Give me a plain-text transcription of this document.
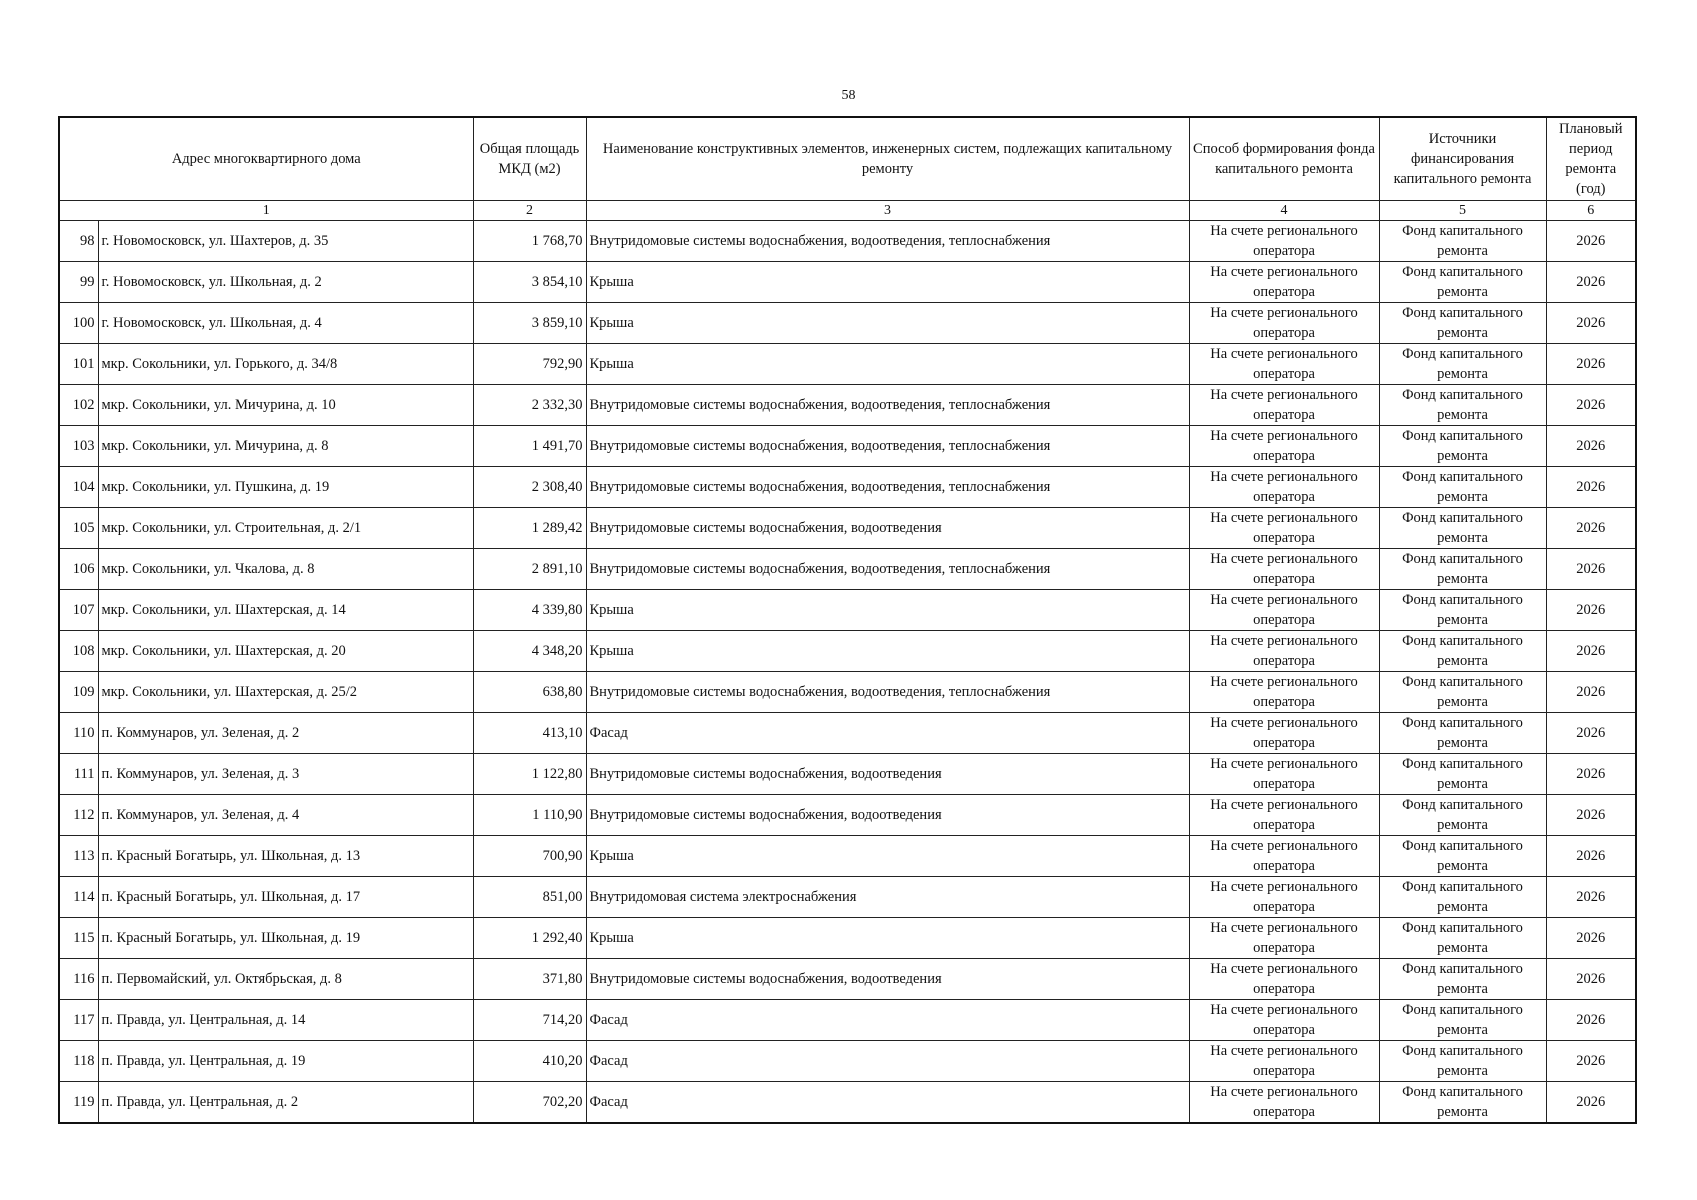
58
Адрес многоквартирного дома		Общая площадь МКД (м2)	Наименование конструктивных элементов, инженерных систем, подлежащих капитальному ремонту	Способ формирования фонда капитального ремонта	Источники финансирования капитального ремонта	Плановый период ремонта (год)
1		2	3	4	5	6
98	г. Новомосковск, ул. Шахтеров, д. 35	1 768,70	Внутридомовые системы водоснабжения, водоотведения, теплоснабжения	На счете регионального оператора	Фонд капитального ремонта	2026
99	г. Новомосковск, ул. Школьная, д. 2	3 854,10	Крыша	На счете регионального оператора	Фонд капитального ремонта	2026
100	г. Новомосковск, ул. Школьная, д. 4	3 859,10	Крыша	На счете регионального оператора	Фонд капитального ремонта	2026
101	мкр. Сокольники, ул. Горького, д. 34/8	792,90	Крыша	На счете регионального оператора	Фонд капитального ремонта	2026
102	мкр. Сокольники, ул. Мичурина, д. 10	2 332,30	Внутридомовые системы водоснабжения, водоотведения, теплоснабжения	На счете регионального оператора	Фонд капитального ремонта	2026
103	мкр. Сокольники, ул. Мичурина, д. 8	1 491,70	Внутридомовые системы водоснабжения, водоотведения, теплоснабжения	На счете регионального оператора	Фонд капитального ремонта	2026
104	мкр. Сокольники, ул. Пушкина, д. 19	2 308,40	Внутридомовые системы водоснабжения, водоотведения, теплоснабжения	На счете регионального оператора	Фонд капитального ремонта	2026
105	мкр. Сокольники, ул. Строительная, д. 2/1	1 289,42	Внутридомовые системы водоснабжения, водоотведения	На счете регионального оператора	Фонд капитального ремонта	2026
106	мкр. Сокольники, ул. Чкалова, д. 8	2 891,10	Внутридомовые системы водоснабжения, водоотведения, теплоснабжения	На счете регионального оператора	Фонд капитального ремонта	2026
107	мкр. Сокольники, ул. Шахтерская, д. 14	4 339,80	Крыша	На счете регионального оператора	Фонд капитального ремонта	2026
108	мкр. Сокольники, ул. Шахтерская, д. 20	4 348,20	Крыша	На счете регионального оператора	Фонд капитального ремонта	2026
109	мкр. Сокольники, ул. Шахтерская, д. 25/2	638,80	Внутридомовые системы водоснабжения, водоотведения, теплоснабжения	На счете регионального оператора	Фонд капитального ремонта	2026
110	п. Коммунаров, ул. Зеленая, д. 2	413,10	Фасад	На счете регионального оператора	Фонд капитального ремонта	2026
111	п. Коммунаров, ул. Зеленая, д. 3	1 122,80	Внутридомовые системы водоснабжения, водоотведения	На счете регионального оператора	Фонд капитального ремонта	2026
112	п. Коммунаров, ул. Зеленая, д. 4	1 110,90	Внутридомовые системы водоснабжения, водоотведения	На счете регионального оператора	Фонд капитального ремонта	2026
113	п. Красный Богатырь, ул. Школьная, д. 13	700,90	Крыша	На счете регионального оператора	Фонд капитального ремонта	2026
114	п. Красный Богатырь, ул. Школьная, д. 17	851,00	Внутридомовая система электроснабжения	На счете регионального оператора	Фонд капитального ремонта	2026
115	п. Красный Богатырь, ул. Школьная, д. 19	1 292,40	Крыша	На счете регионального оператора	Фонд капитального ремонта	2026
116	п. Первомайский, ул. Октябрьская, д. 8	371,80	Внутридомовые системы водоснабжения, водоотведения	На счете регионального оператора	Фонд капитального ремонта	2026
117	п. Правда, ул. Центральная, д. 14	714,20	Фасад	На счете регионального оператора	Фонд капитального ремонта	2026
118	п. Правда, ул. Центральная, д. 19	410,20	Фасад	На счете регионального оператора	Фонд капитального ремонта	2026
119	п. Правда, ул. Центральная, д. 2	702,20	Фасад	На счете регионального оператора	Фонд капитального ремонта	2026
